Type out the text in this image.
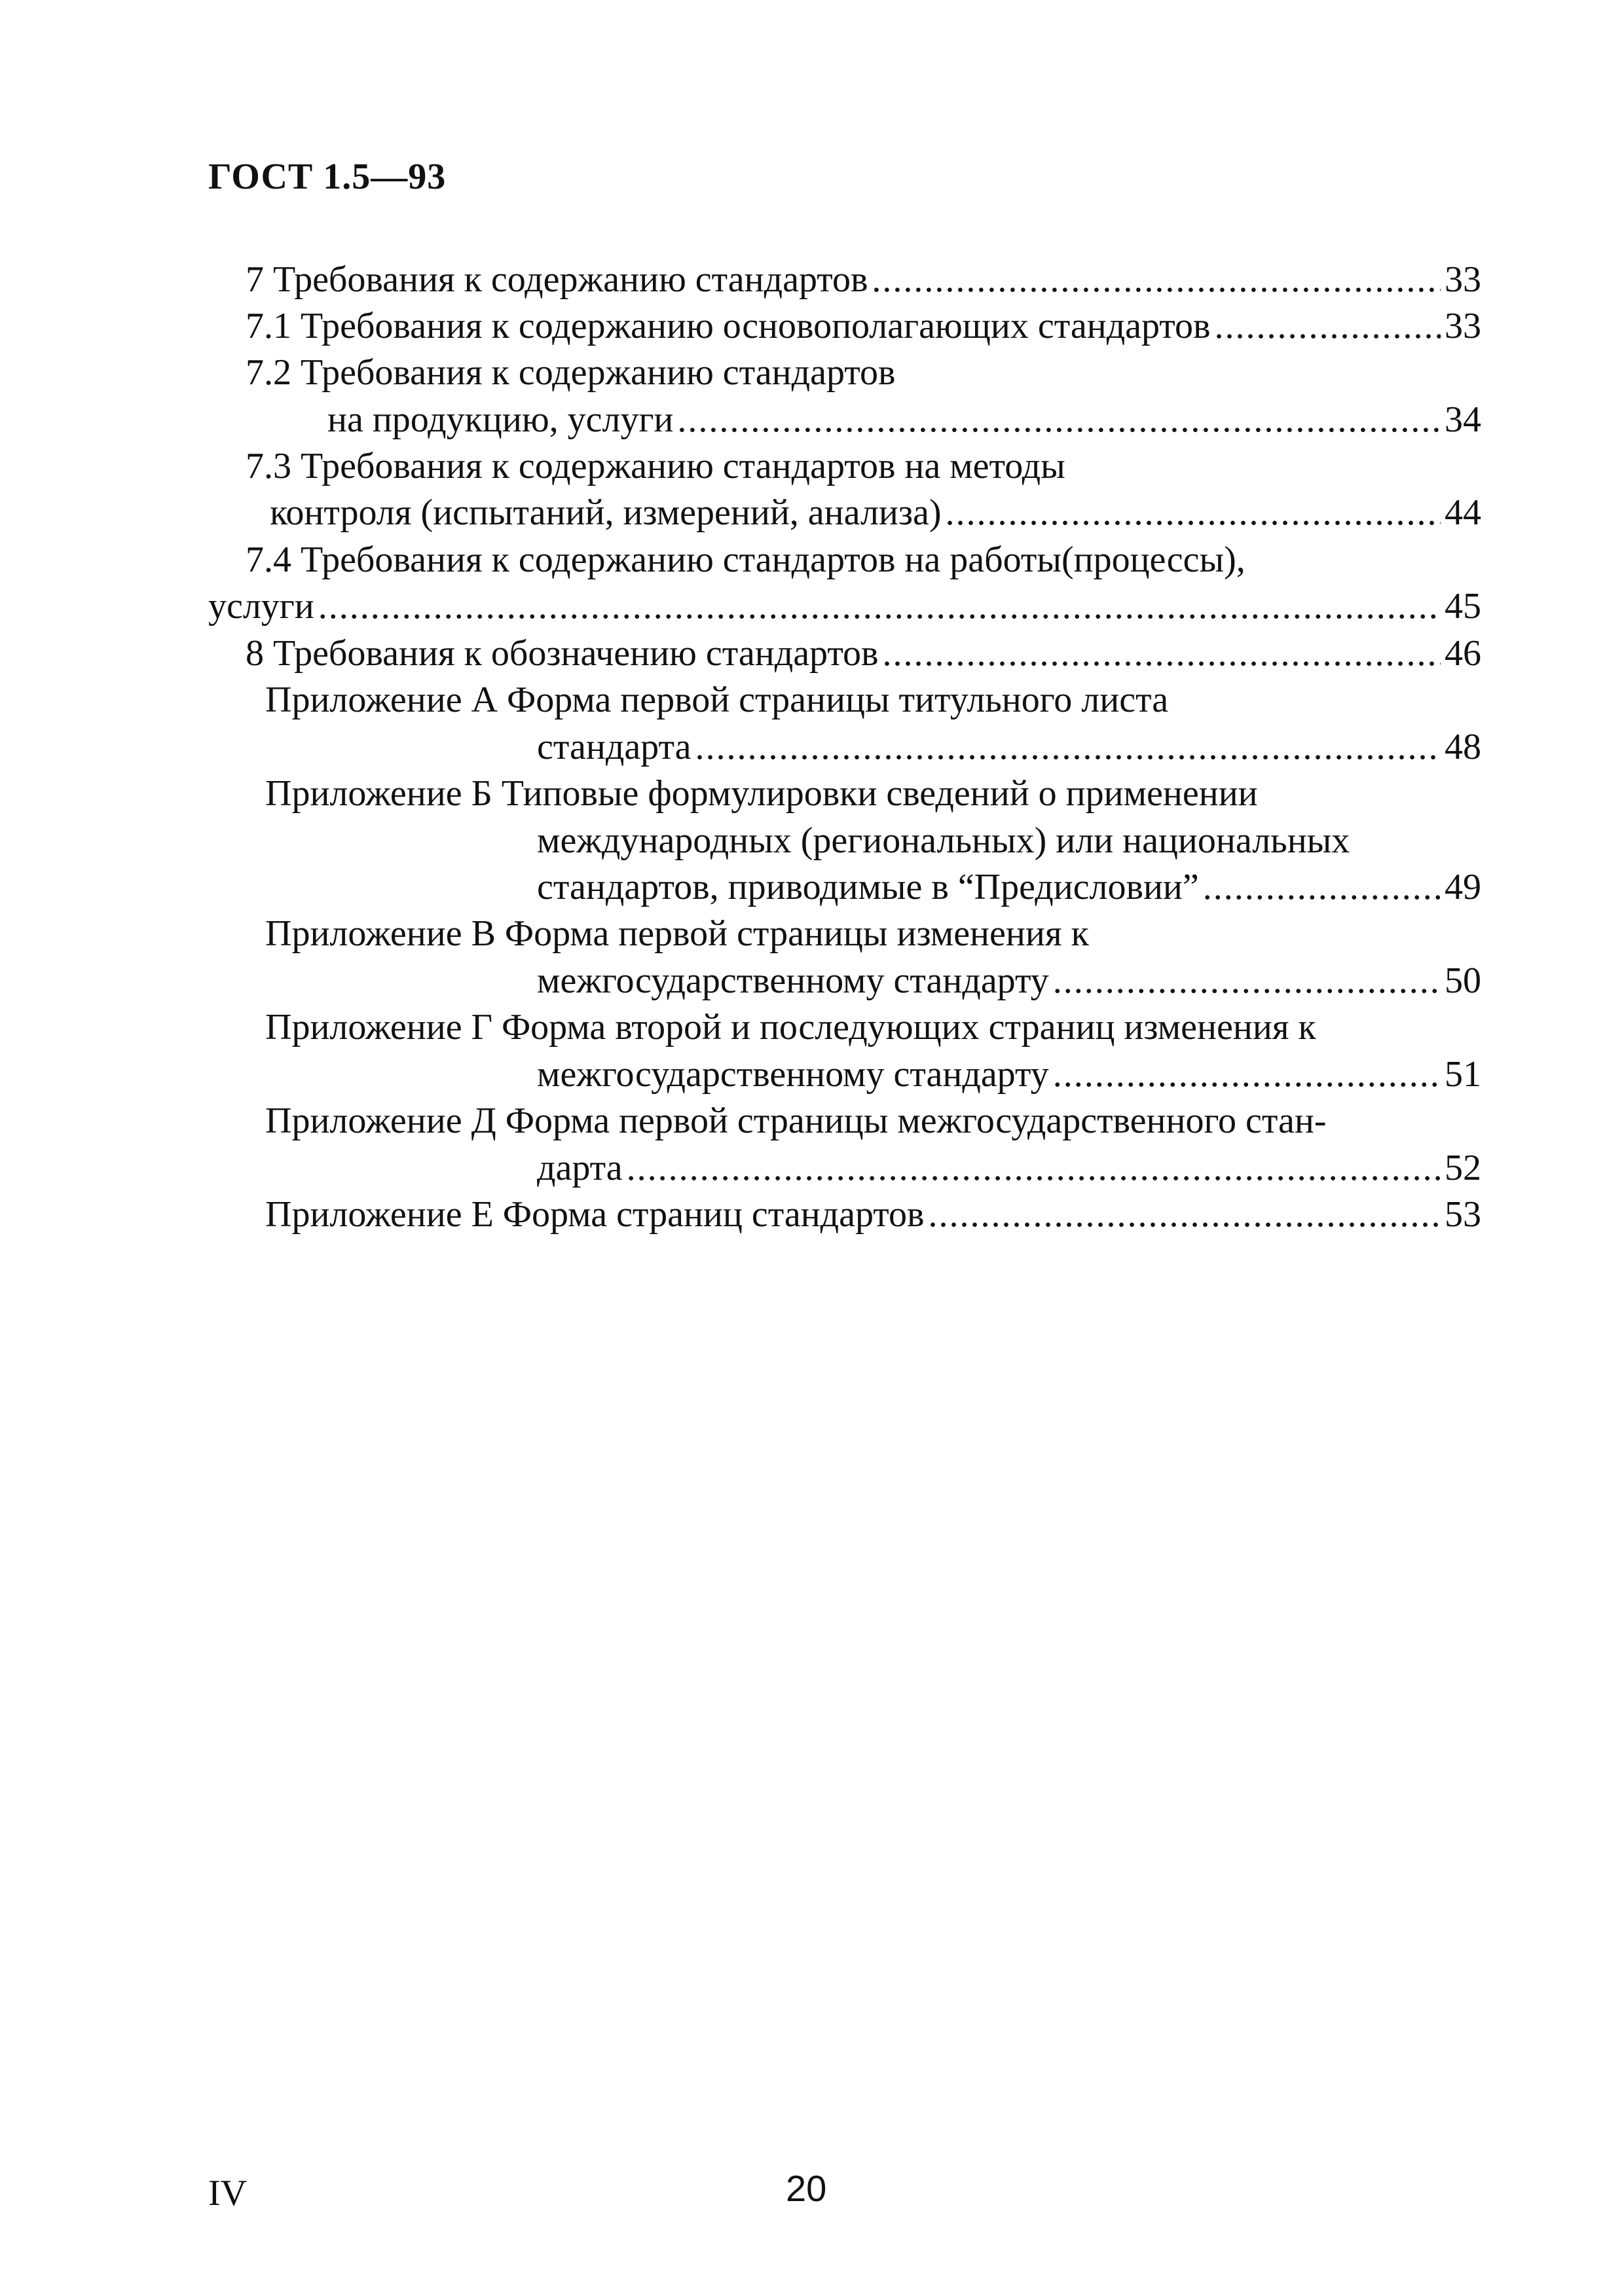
ГОСТ 1.5—93
7 Требования к содержанию стандартов .....	33
7.1 Требования к содержанию основополагающих стандартов .....	33
7.2 Требования к содержанию стандартов
на продукцию, услуги .....	34
7.3 Требования к содержанию стандартов на методы
контроля (испытаний, измерений, анализа) .....	44
7.4 Требования к содержанию стандартов на работы(процессы),
услуги .....	45
8 Требования к обозначению стандартов .....	46
Приложение А Форма первой страницы титульного листа
стандарта .....	48
Приложение Б Типовые формулировки сведений о применении
международных (региональных) или национальных
стандартов, приводимые в “Предисловии” .....	49
Приложение В Форма первой страницы изменения к
межгосударственному стандарту .....	50
Приложение Г Форма второй и последующих страниц изменения к
межгосударственному стандарту .....	51
Приложение Д Форма первой страницы межгосударственного стан-
дарта .....	52
Приложение Е Форма страниц стандартов .....	53
IV	20
